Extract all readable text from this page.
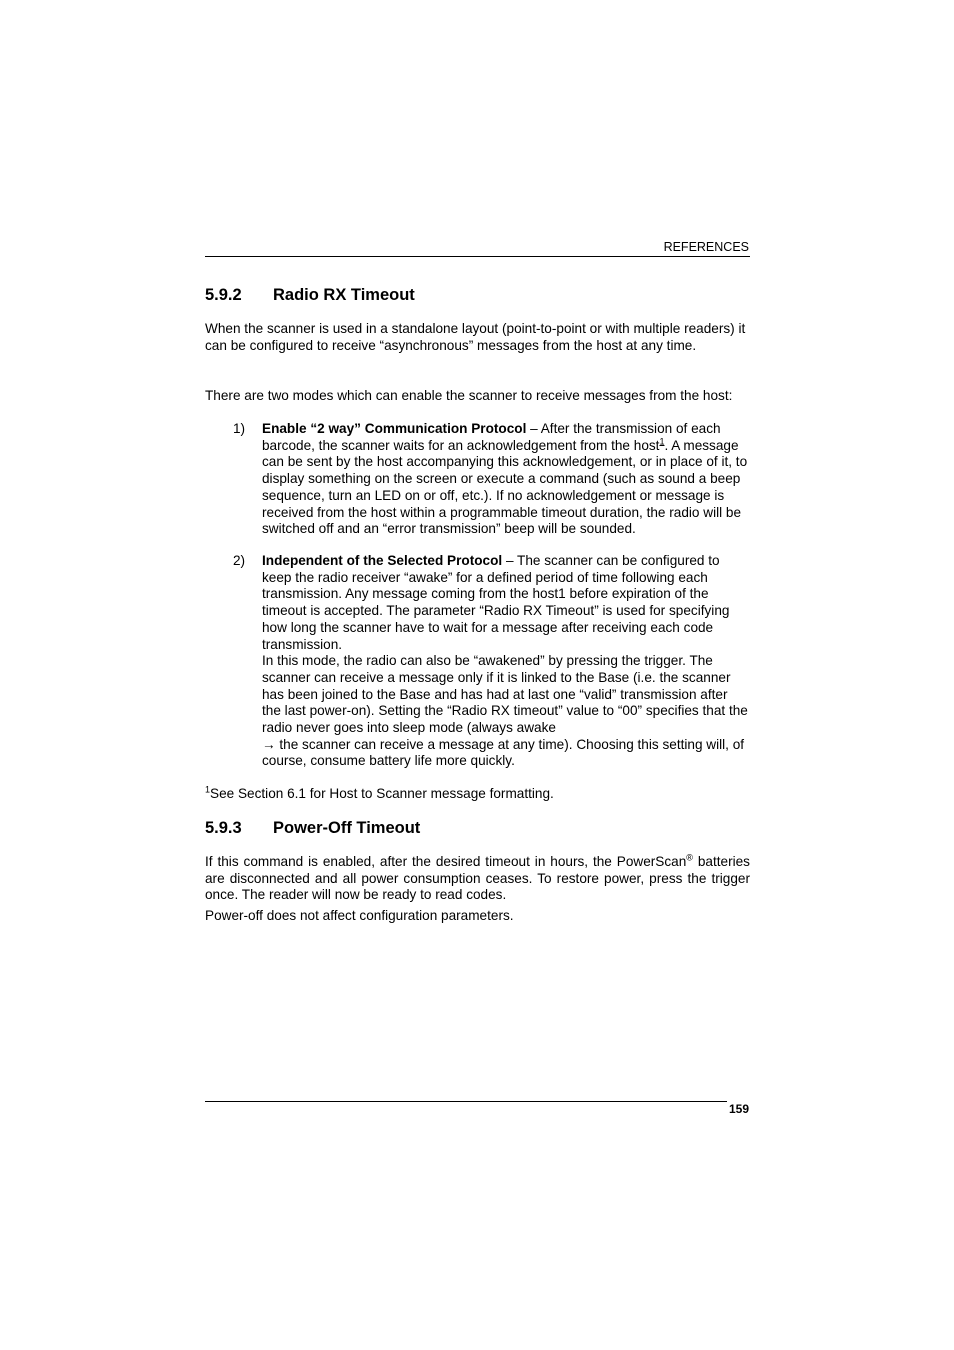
REFERENCES
5.9.2 Radio RX Timeout

When the scanner is used in a standalone layout (point-to-point or with multiple readers) it can be configured to receive “asynchronous” messages from the host at any time.

There are two modes which can enable the scanner to receive messages from the host:

1) Enable “2 way” Communication Protocol – After the transmission of each barcode, the scanner waits for an acknowledgement from the host$^1$. A message can be sent by the host accompanying this acknowledgement, or in place of it, to display something on the screen or execute a command (such as sound a beep sequence, turn an LED on or off, etc.). If no acknowledgement or message is received from the host within a programmable timeout duration, the radio will be switched off and an “error transmission” beep will be sounded.

2) Independent of the Selected Protocol – The scanner can be configured to keep the radio receiver “awake” for a defined period of time following each transmission. Any message coming from the host1 before expiration of the timeout is accepted. The parameter “Radio RX Timeout” is used for specifying how long the scanner have to wait for a message after receiving each code transmission.

In this mode, the radio can also be “awakened” by pressing the trigger. The scanner can receive a message only if it is linked to the Base (i.e. the scanner has been joined to the Base and has had at last one “valid” transmission after the last power-on). Setting the “Radio RX timeout” value to “00” specifies that the radio never goes into sleep mode (always awake
→ the scanner can receive a message at any time). Choosing this setting will, of course, consume battery life more quickly.

$^1$See Section 6.1 for Host to Scanner message formatting.
5.9.3 Power-Off Timeout

If this command is enabled, after the desired timeout in hours, the PowerScan® batteries are disconnected and all power consumption ceases. To restore power, press the trigger once. The reader will now be ready to read codes.

Power-off does not affect configuration parameters.

159
